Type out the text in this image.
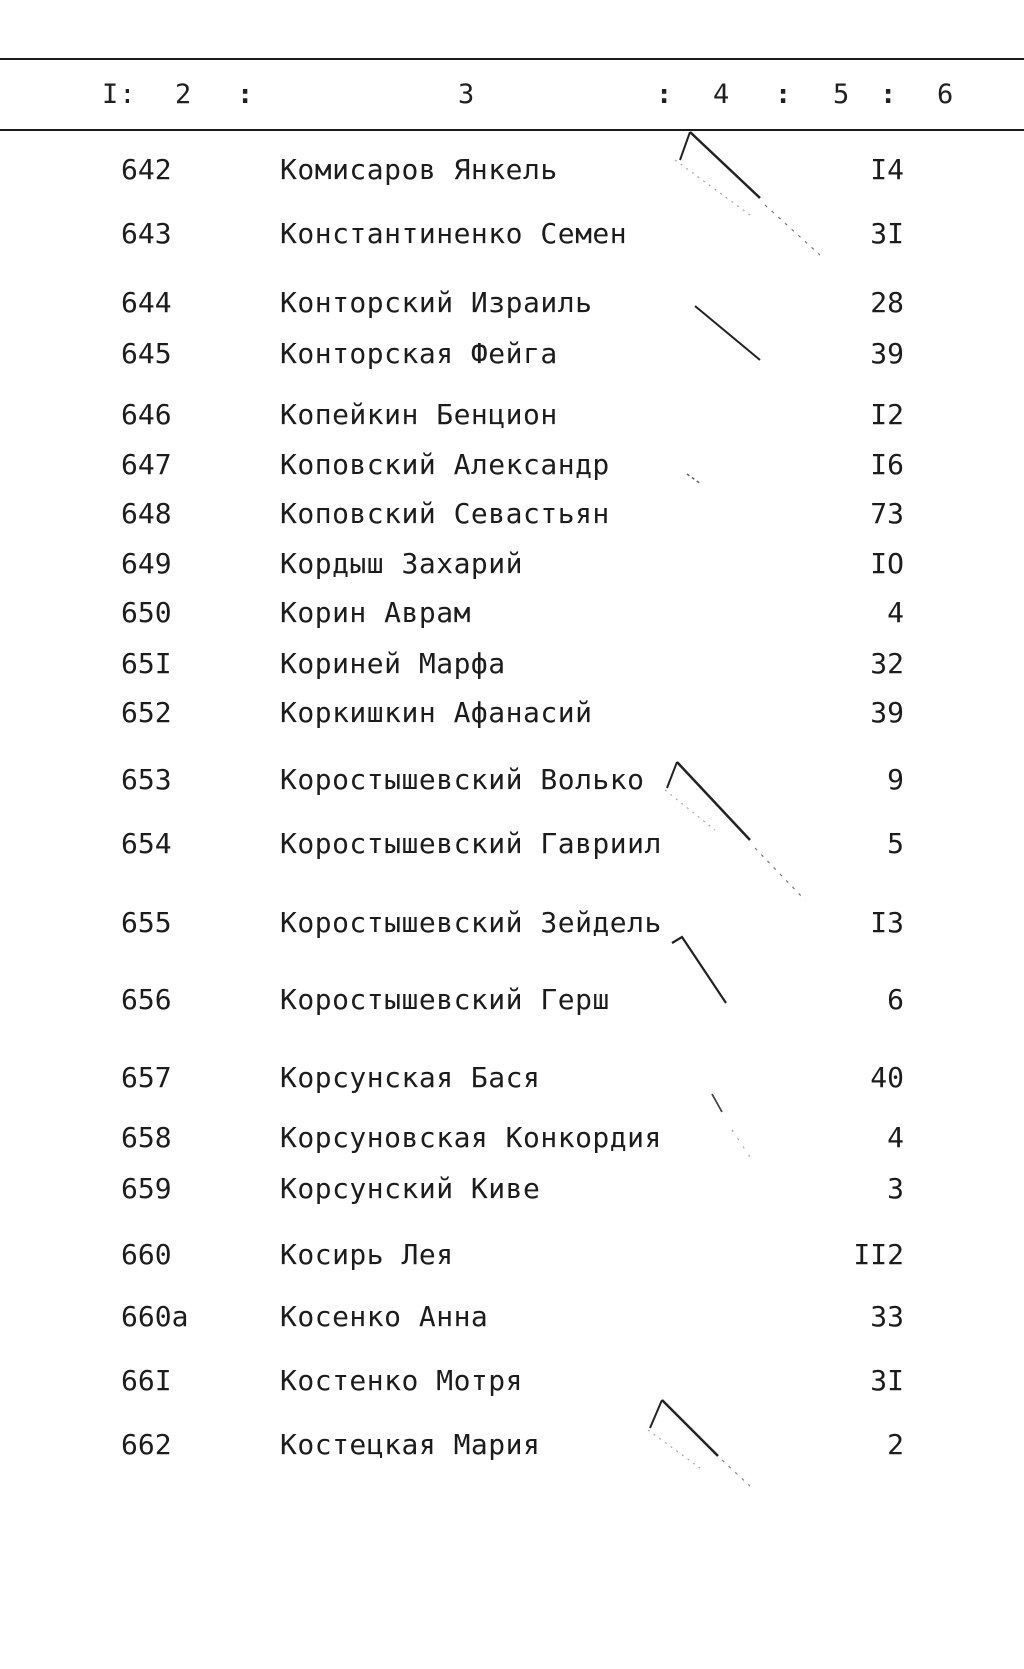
I: 2 :	3	: 4 : 5 : 6
642	Комисаров Янкель	I4
643	Константиненко Семен	3I
644	Конторский Израиль	28
645	Конторская Фейга	39
646	Копейкин Бенцион	I2
647	Коповский Александр	I6
648	Коповский Севастьян	73
649	Кордыш Захарий	IO
650	Корин Аврам	4
65I	Кориней Марфа	32
652	Коркишкин Афанасий	39
653	Коростышевский Волько	9
654	Коростышевский Гавриил	5
655	Коростышевский Зейдель	I3
656	Коростышевский Герш	6
657	Корсунская Бася	40
658	Корсуновская Конкордия	4
659	Корсунский Киве	3
660	Косирь Лея	II2
660а	Косенко Анна	33
66I	Костенко Мотря	3I
662	Костецкая Мария	2
